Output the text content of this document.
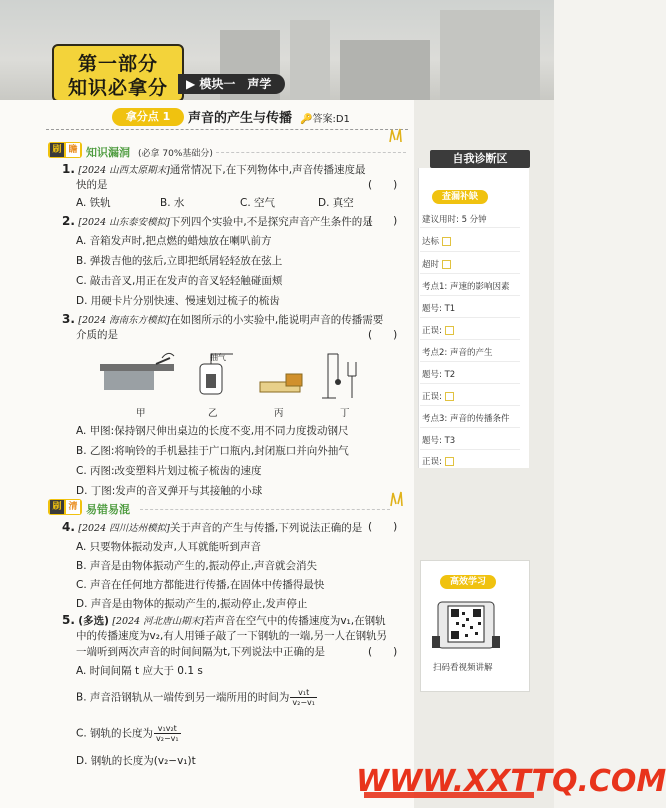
第一部分
知识必拿分	▶ 模块一　声学
拿分点 1	声音的产生与传播 🔑答案:D1
刷 瞻 知识漏洞 (必拿 70%基础分)
1. [2024 山西太原期末]通常情况下,在下列物体中,声音传播速度最
快的是	(　　)
A. 铁轨	B. 水	C. 空气	D. 真空
2. [2024 山东泰安模拟]下列四个实验中,不是探究声音产生条件的是
(　　)
A. 音箱发声时,把点燃的蜡烛放在喇叭前方
B. 弹拨吉他的弦后,立即把纸屑轻轻放在弦上
C. 敲击音叉,用正在发声的音叉轻轻触碰面颊
D. 用硬卡片分别快速、慢速划过梳子的梳齿
3. [2024 海南东方模拟]在如图所示的小实验中,能说明声音的传播需要
介质的是	(　　)
抽气
甲	乙	丙	丁
A. 甲图:保持钢尺伸出桌边的长度不变,用不同力度拨动钢尺
B. 乙图:将响铃的手机悬挂于广口瓶内,封闭瓶口并向外抽气
C. 丙图:改变塑料片划过梳子梳齿的速度
D. 丁图:发声的音叉弹开与其接触的小球
刷 清 易错易混
4. [2024 四川达州模拟]关于声音的产生与传播,下列说法正确的是 (　　)
A. 只要物体振动发声,人耳就能听到声音
B. 声音是由物体振动产生的,振动停止,声音就会消失
C. 声音在任何地方都能进行传播,在固体中传播得最快
D. 声音是由物体的振动产生的,振动停止,发声停止
5. (多选) [2024 河北唐山期末]若声音在空气中的传播速度为v₁,在钢轨
中的传播速度为v₂,有人用锤子敲了一下钢轨的一端,另一人在钢轨另
一端听到两次声音的时间间隔为t,下列说法中正确的是	(　　)
A. 时间间隔 t 应大于 0.1 s
B. 声音沿钢轨从一端传到另一端所用的时间为 $\frac{\text{v₁t}}{\text{v₂−v₁}}$
C. 钢轨的长度为 $\frac{\text{v₁v₂t}}{\text{v₂−v₁}}$
D. 钢轨的长度为(v₂−v₁)t
自我诊断区
查漏补缺
建议用时: 5 分钟
达标
超时
考点1: 声速的影响因素
题号: T1
正误:
考点2: 声音的产生
题号: T2
正误:
考点3: 声音的传播条件
题号: T3
正误:
高效学习
扫码看视频讲解
WWW.XXTTQ.COM
